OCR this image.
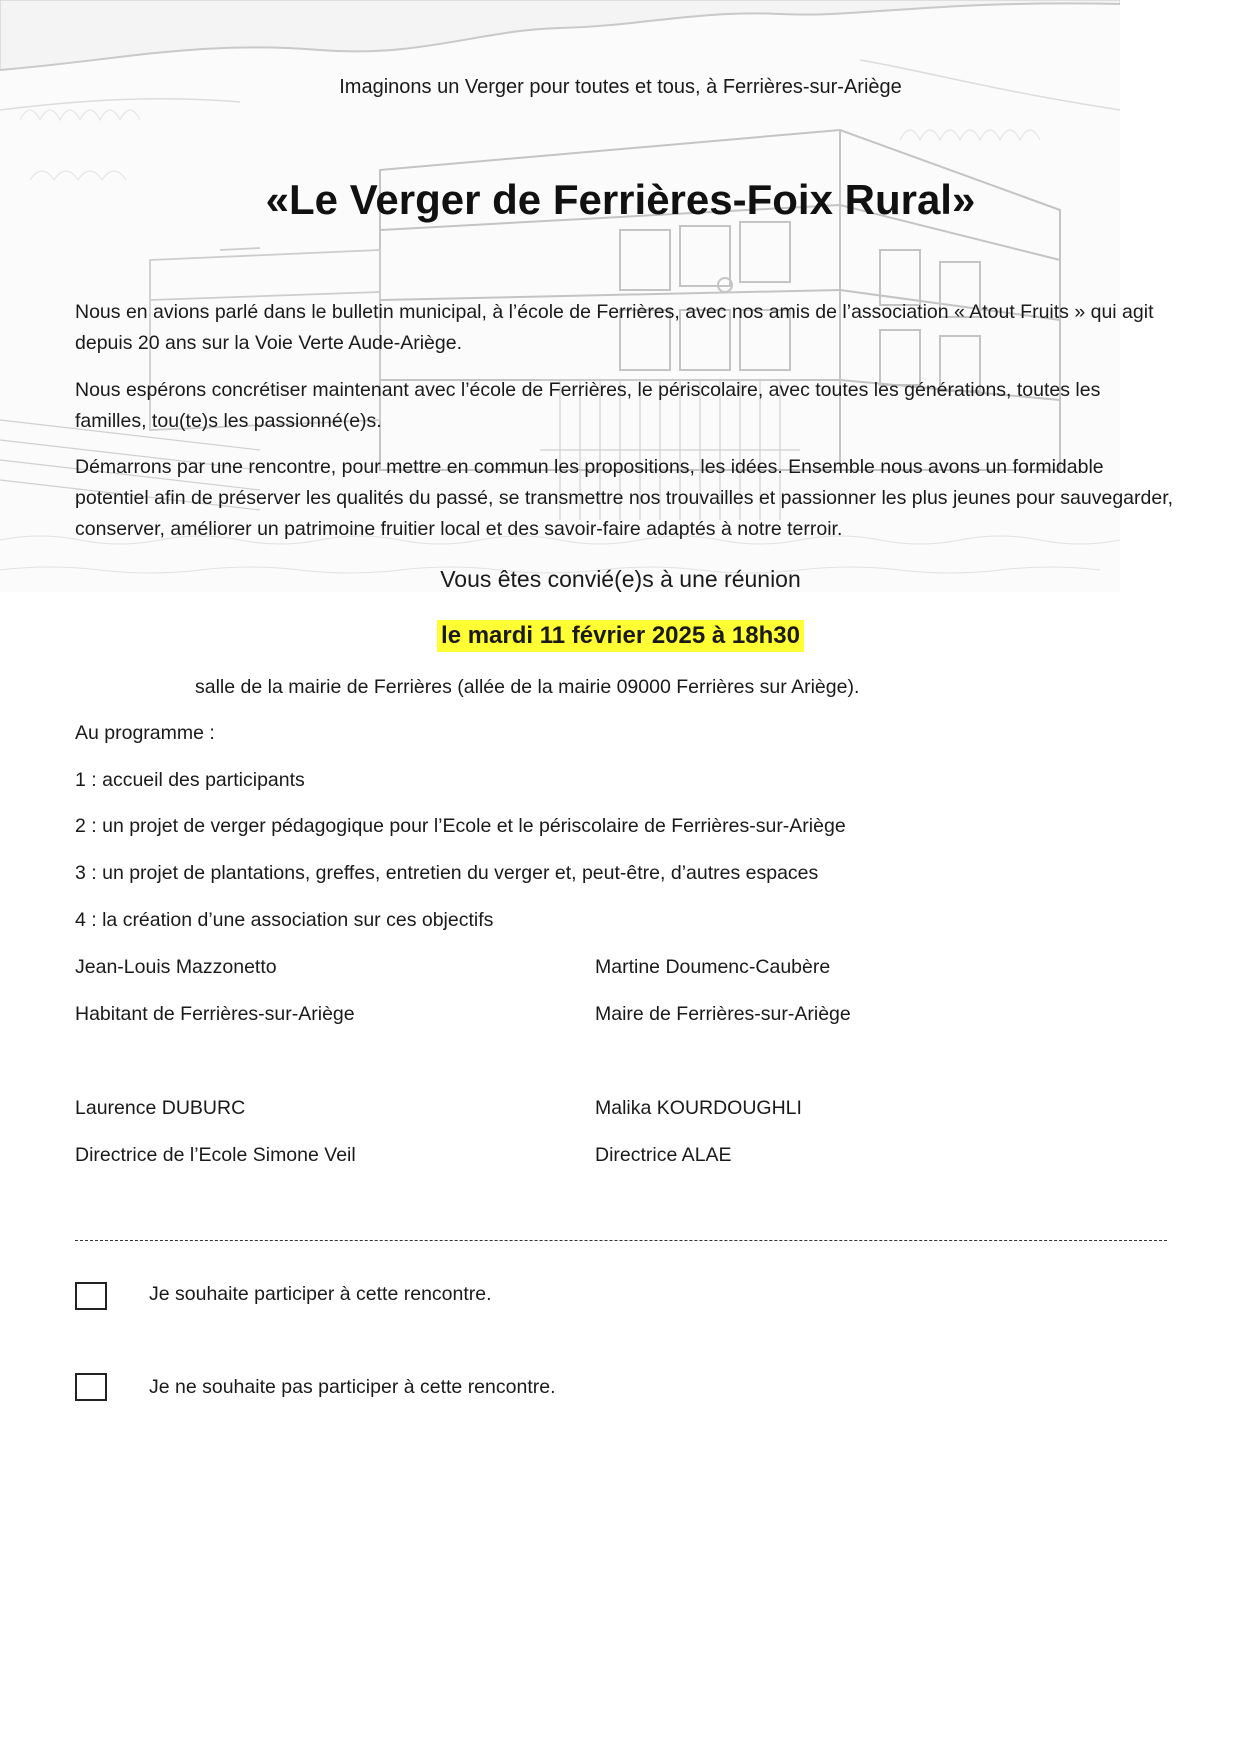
Imaginons un Verger pour toutes et tous, à Ferrières-sur-Ariège
«Le Verger de Ferrières-Foix Rural»
Nous en avions parlé dans le bulletin municipal, à l’école de Ferrières, avec nos amis de l’association « Atout Fruits » qui agit depuis 20 ans sur la Voie Verte Aude-Ariège.
Nous espérons concrétiser maintenant avec l’école de Ferrières, le périscolaire, avec toutes les générations, toutes les familles, tou(te)s les passionné(e)s.
Démarrons par une rencontre, pour mettre en commun les propositions, les idées. Ensemble nous avons un formidable potentiel afin de préserver les qualités du passé, se transmettre nos trouvailles et passionner les plus jeunes pour sauvegarder, conserver, améliorer un patrimoine fruitier local et des savoir-faire adaptés à notre terroir.
Vous êtes convié(e)s à une réunion
le mardi 11 février 2025 à 18h30
salle de la mairie de Ferrières (allée de la mairie 09000 Ferrières sur Ariège).
Au programme :
1 : accueil des participants
2 : un projet de verger pédagogique pour l’Ecole et le périscolaire de Ferrières-sur-Ariège
3 : un projet de plantations, greffes, entretien du verger et, peut-être, d’autres espaces
4 : la création d’une association sur ces objectifs
Jean-Louis Mazzonetto	Martine Doumenc-Caubère
Habitant de Ferrières-sur-Ariège	Maire de Ferrières-sur-Ariège
Laurence DUBURC	Malika KOURDOUGHLI
Directrice de l’Ecole Simone Veil	Directrice ALAE
Je souhaite participer à cette rencontre.
Je ne souhaite pas participer à cette rencontre.
